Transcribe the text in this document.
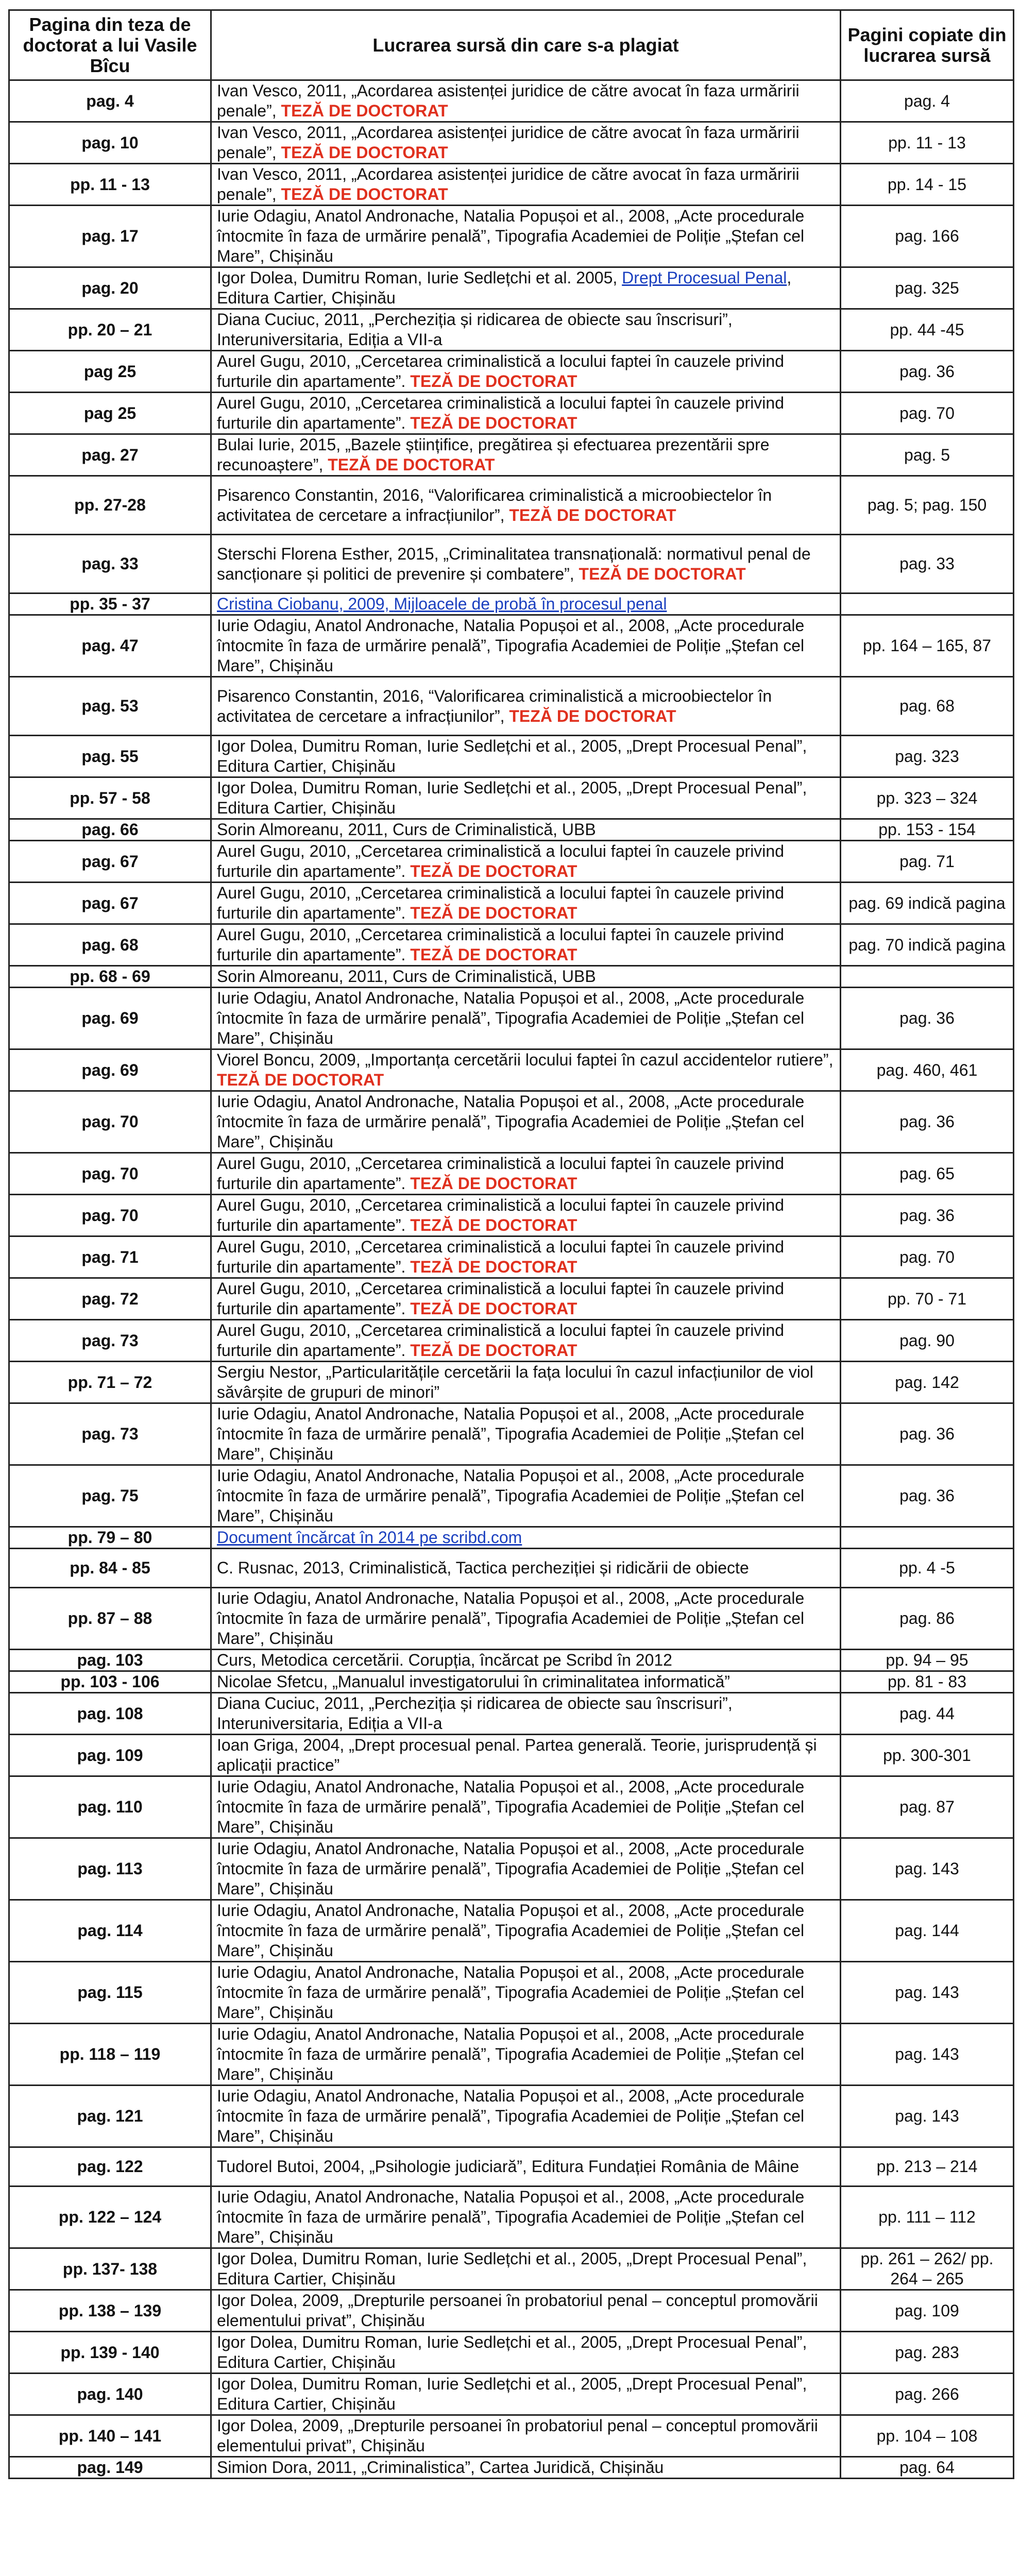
Pagina din teza de doctorat a lui Vasile Bîcu	Lucrarea sursă din care s-a plagiat	Pagini copiate din lucrarea sursă
pag. 4	Ivan Vesco, 2011, „Acordarea asistenței juridice de către avocat în faza urmăririi penale”, TEZĂ DE DOCTORAT	pag. 4
pag. 10	Ivan Vesco, 2011, „Acordarea asistenței juridice de către avocat în faza urmăririi penale”, TEZĂ DE DOCTORAT	pp. 11 - 13
pp. 11 - 13	Ivan Vesco, 2011, „Acordarea asistenței juridice de către avocat în faza urmăririi penale”, TEZĂ DE DOCTORAT	pp. 14 - 15
pag. 17	Iurie Odagiu, Anatol Andronache, Natalia Popușoi et al., 2008, „Acte procedurale întocmite în faza de urmărire penală”, Tipografia Academiei de Poliție „Ștefan cel Mare”, Chișinău	pag. 166
pag. 20	Igor Dolea, Dumitru Roman, Iurie Sedlețchi et al. 2005, Drept Procesual Penal, Editura Cartier, Chișinău	pag. 325
pp. 20 – 21	Diana Cuciuc, 2011, „Percheziția și ridicarea de obiecte sau înscrisuri”, Interuniversitaria, Ediția a VII-a	pp. 44 -45
pag 25	Aurel Gugu, 2010, „Cercetarea criminalistică a locului faptei în cauzele privind furturile din apartamente”. TEZĂ DE DOCTORAT	pag. 36
pag 25	Aurel Gugu, 2010, „Cercetarea criminalistică a locului faptei în cauzele privind furturile din apartamente”. TEZĂ DE DOCTORAT	pag. 70
pag. 27	Bulai Iurie, 2015, „Bazele științifice, pregătirea și efectuarea prezentării spre recunoaștere”, TEZĂ DE DOCTORAT	pag. 5
pp. 27-28	Pisarenco Constantin, 2016, “Valorificarea criminalistică a microobiectelor în activitatea de cercetare a infracțiunilor”, TEZĂ DE DOCTORAT	pag. 5; pag. 150
pag. 33	Sterschi Florena Esther, 2015, „Criminalitatea transnațională: normativul penal de sancționare și politici de prevenire și combatere”, TEZĂ DE DOCTORAT	pag. 33
pp. 35 - 37	Cristina Ciobanu, 2009, Mijloacele de probă în procesul penal	
pag. 47	Iurie Odagiu, Anatol Andronache, Natalia Popușoi et al., 2008, „Acte procedurale întocmite în faza de urmărire penală”, Tipografia Academiei de Poliție „Ștefan cel Mare”, Chișinău	pp. 164 – 165, 87
pag. 53	Pisarenco Constantin, 2016, “Valorificarea criminalistică a microobiectelor în activitatea de cercetare a infracțiunilor”, TEZĂ DE DOCTORAT	pag. 68
pag. 55	Igor Dolea, Dumitru Roman, Iurie Sedlețchi et al., 2005, „Drept Procesual Penal”, Editura Cartier, Chișinău	pag. 323
pp. 57 - 58	Igor Dolea, Dumitru Roman, Iurie Sedlețchi et al., 2005, „Drept Procesual Penal”, Editura Cartier, Chișinău	pp. 323 – 324
pag. 66	Sorin Almoreanu, 2011, Curs de Criminalistică, UBB	pp. 153 - 154
pag. 67	Aurel Gugu, 2010, „Cercetarea criminalistică a locului faptei în cauzele privind furturile din apartamente”. TEZĂ DE DOCTORAT	pag. 71
pag. 67	Aurel Gugu, 2010, „Cercetarea criminalistică a locului faptei în cauzele privind furturile din apartamente”. TEZĂ DE DOCTORAT	pag. 69 indică pagina
pag. 68	Aurel Gugu, 2010, „Cercetarea criminalistică a locului faptei în cauzele privind furturile din apartamente”. TEZĂ DE DOCTORAT	pag. 70 indică pagina
pp. 68 - 69	Sorin Almoreanu, 2011, Curs de Criminalistică, UBB	
pag. 69	Iurie Odagiu, Anatol Andronache, Natalia Popușoi et al., 2008, „Acte procedurale întocmite în faza de urmărire penală”, Tipografia Academiei de Poliție „Ștefan cel Mare”, Chișinău	pag. 36
pag. 69	Viorel Boncu, 2009, „Importanța cercetării locului faptei în cazul accidentelor rutiere”, TEZĂ DE DOCTORAT	pag. 460, 461
pag. 70	Iurie Odagiu, Anatol Andronache, Natalia Popușoi et al., 2008, „Acte procedurale întocmite în faza de urmărire penală”, Tipografia Academiei de Poliție „Ștefan cel Mare”, Chișinău	pag. 36
pag. 70	Aurel Gugu, 2010, „Cercetarea criminalistică a locului faptei în cauzele privind furturile din apartamente”. TEZĂ DE DOCTORAT	pag. 65
pag. 70	Aurel Gugu, 2010, „Cercetarea criminalistică a locului faptei în cauzele privind furturile din apartamente”. TEZĂ DE DOCTORAT	pag. 36
pag. 71	Aurel Gugu, 2010, „Cercetarea criminalistică a locului faptei în cauzele privind furturile din apartamente”. TEZĂ DE DOCTORAT	pag. 70
pag. 72	Aurel Gugu, 2010, „Cercetarea criminalistică a locului faptei în cauzele privind furturile din apartamente”. TEZĂ DE DOCTORAT	pp. 70 - 71
pag. 73	Aurel Gugu, 2010, „Cercetarea criminalistică a locului faptei în cauzele privind furturile din apartamente”. TEZĂ DE DOCTORAT	pag. 90
pp. 71 – 72	Sergiu Nestor, „Particularitățile cercetării la fața locului în cazul infacțiunilor de viol săvârșite de grupuri de minori”	pag. 142
pag. 73	Iurie Odagiu, Anatol Andronache, Natalia Popușoi et al., 2008, „Acte procedurale întocmite în faza de urmărire penală”, Tipografia Academiei de Poliție „Ștefan cel Mare”, Chișinău	pag. 36
pag. 75	Iurie Odagiu, Anatol Andronache, Natalia Popușoi et al., 2008, „Acte procedurale întocmite în faza de urmărire penală”, Tipografia Academiei de Poliție „Ștefan cel Mare”, Chișinău	pag. 36
pp. 79 – 80	Document încărcat în 2014 pe scribd.com	
pp. 84 - 85	C. Rusnac, 2013, Criminalistică, Tactica percheziției și ridicării de obiecte	pp. 4 -5
pp. 87 – 88	Iurie Odagiu, Anatol Andronache, Natalia Popușoi et al., 2008, „Acte procedurale întocmite în faza de urmărire penală”, Tipografia Academiei de Poliție „Ștefan cel Mare”, Chișinău	pag. 86
pag. 103	Curs, Metodica cercetării. Corupția, încărcat pe Scribd în 2012	pp. 94 – 95
pp. 103 - 106	Nicolae Sfetcu, „Manualul investigatorului în criminalitatea informatică”	pp. 81 - 83
pag. 108	Diana Cuciuc, 2011, „Percheziția și ridicarea de obiecte sau înscrisuri”, Interuniversitaria, Ediția a VII-a	pag. 44
pag. 109	Ioan Griga, 2004, „Drept procesual penal. Partea generală. Teorie, jurisprudență și aplicații practice”	pp. 300-301
pag. 110	Iurie Odagiu, Anatol Andronache, Natalia Popușoi et al., 2008, „Acte procedurale întocmite în faza de urmărire penală”, Tipografia Academiei de Poliție „Ștefan cel Mare”, Chișinău	pag. 87
pag. 113	Iurie Odagiu, Anatol Andronache, Natalia Popușoi et al., 2008, „Acte procedurale întocmite în faza de urmărire penală”, Tipografia Academiei de Poliție „Ștefan cel Mare”, Chișinău	pag. 143
pag. 114	Iurie Odagiu, Anatol Andronache, Natalia Popușoi et al., 2008, „Acte procedurale întocmite în faza de urmărire penală”, Tipografia Academiei de Poliție „Ștefan cel Mare”, Chișinău	pag. 144
pag. 115	Iurie Odagiu, Anatol Andronache, Natalia Popușoi et al., 2008, „Acte procedurale întocmite în faza de urmărire penală”, Tipografia Academiei de Poliție „Ștefan cel Mare”, Chișinău	pag. 143
pp. 118 – 119	Iurie Odagiu, Anatol Andronache, Natalia Popușoi et al., 2008, „Acte procedurale întocmite în faza de urmărire penală”, Tipografia Academiei de Poliție „Ștefan cel Mare”, Chișinău	pag. 143
pag. 121	Iurie Odagiu, Anatol Andronache, Natalia Popușoi et al., 2008, „Acte procedurale întocmite în faza de urmărire penală”, Tipografia Academiei de Poliție „Ștefan cel Mare”, Chișinău	pag. 143
pag. 122	Tudorel Butoi, 2004, „Psihologie judiciară”, Editura Fundației România de Mâine	pp. 213 – 214
pp. 122 – 124	Iurie Odagiu, Anatol Andronache, Natalia Popușoi et al., 2008, „Acte procedurale întocmite în faza de urmărire penală”, Tipografia Academiei de Poliție „Ștefan cel Mare”, Chișinău	pp. 111 – 112
pp. 137- 138	Igor Dolea, Dumitru Roman, Iurie Sedlețchi et al., 2005, „Drept Procesual Penal”, Editura Cartier, Chișinău	pp. 261 – 262/ pp. 264 – 265
pp. 138 – 139	Igor Dolea, 2009, „Drepturile persoanei în probatoriul penal – conceptul promovării elementului privat”, Chișinău	pag. 109
pp. 139 - 140	Igor Dolea, Dumitru Roman, Iurie Sedlețchi et al., 2005, „Drept Procesual Penal”, Editura Cartier, Chișinău	pag. 283
pag. 140	Igor Dolea, Dumitru Roman, Iurie Sedlețchi et al., 2005, „Drept Procesual Penal”, Editura Cartier, Chișinău	pag. 266
pp. 140 – 141	Igor Dolea, 2009, „Drepturile persoanei în probatoriul penal – conceptul promovării elementului privat”, Chișinău	pp. 104 – 108
pag. 149	Simion Dora, 2011, „Criminalistica”, Cartea Juridică, Chișinău	pag. 64
